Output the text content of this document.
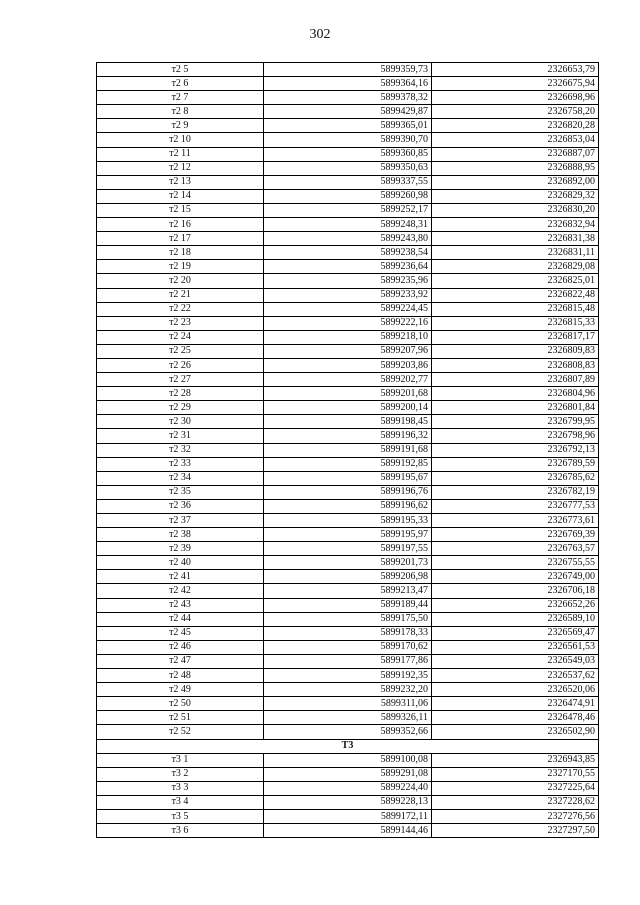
302
т2 5	5899359,73	2326653,79
т2 6	5899364,16	2326675,94
т2 7	5899378,32	2326698,96
т2 8	5899429,87	2326758,20
т2 9	5899365,01	2326820,28
т2 10	5899390,70	2326853,04
т2 11	5899360,85	2326887,07
т2 12	5899350,63	2326888,95
т2 13	5899337,55	2326892,00
т2 14	5899260,98	2326829,32
т2 15	5899252,17	2326830,20
т2 16	5899248,31	2326832,94
т2 17	5899243,80	2326831,38
т2 18	5899238,54	2326831,11
т2 19	5899236,64	2326829,08
т2 20	5899235,96	2326825,01
т2 21	5899233,92	2326822,48
т2 22	5899224,45	2326815,48
т2 23	5899222,16	2326815,33
т2 24	5899218,10	2326817,17
т2 25	5899207,96	2326809,83
т2 26	5899203,86	2326808,83
т2 27	5899202,77	2326807,89
т2 28	5899201,68	2326804,96
т2 29	5899200,14	2326801,84
т2 30	5899198,45	2326799,95
т2 31	5899196,32	2326798,96
т2 32	5899191,68	2326792,13
т2 33	5899192,85	2326789,59
т2 34	5899195,67	2326785,62
т2 35	5899196,76	2326782,19
т2 36	5899196,62	2326777,53
т2 37	5899195,33	2326773,61
т2 38	5899195,97	2326769,39
т2 39	5899197,55	2326763,57
т2 40	5899201,73	2326755,55
т2 41	5899206,98	2326749,00
т2 42	5899213,47	2326706,18
т2 43	5899189,44	2326652,26
т2 44	5899175,50	2326589,10
т2 45	5899178,33	2326569,47
т2 46	5899170,62	2326561,53
т2 47	5899177,86	2326549,03
т2 48	5899192,35	2326537,62
т2 49	5899232,20	2326520,06
т2 50	5899311,06	2326474,91
т2 51	5899326,11	2326478,46
т2 52	5899352,66	2326502,90
Т3		
т3 1	5899100,08	2326943,85
т3 2	5899291,08	2327170,55
т3 3	5899224,40	2327225,64
т3 4	5899228,13	2327228,62
т3 5	5899172,11	2327276,56
т3 6	5899144,46	2327297,50
